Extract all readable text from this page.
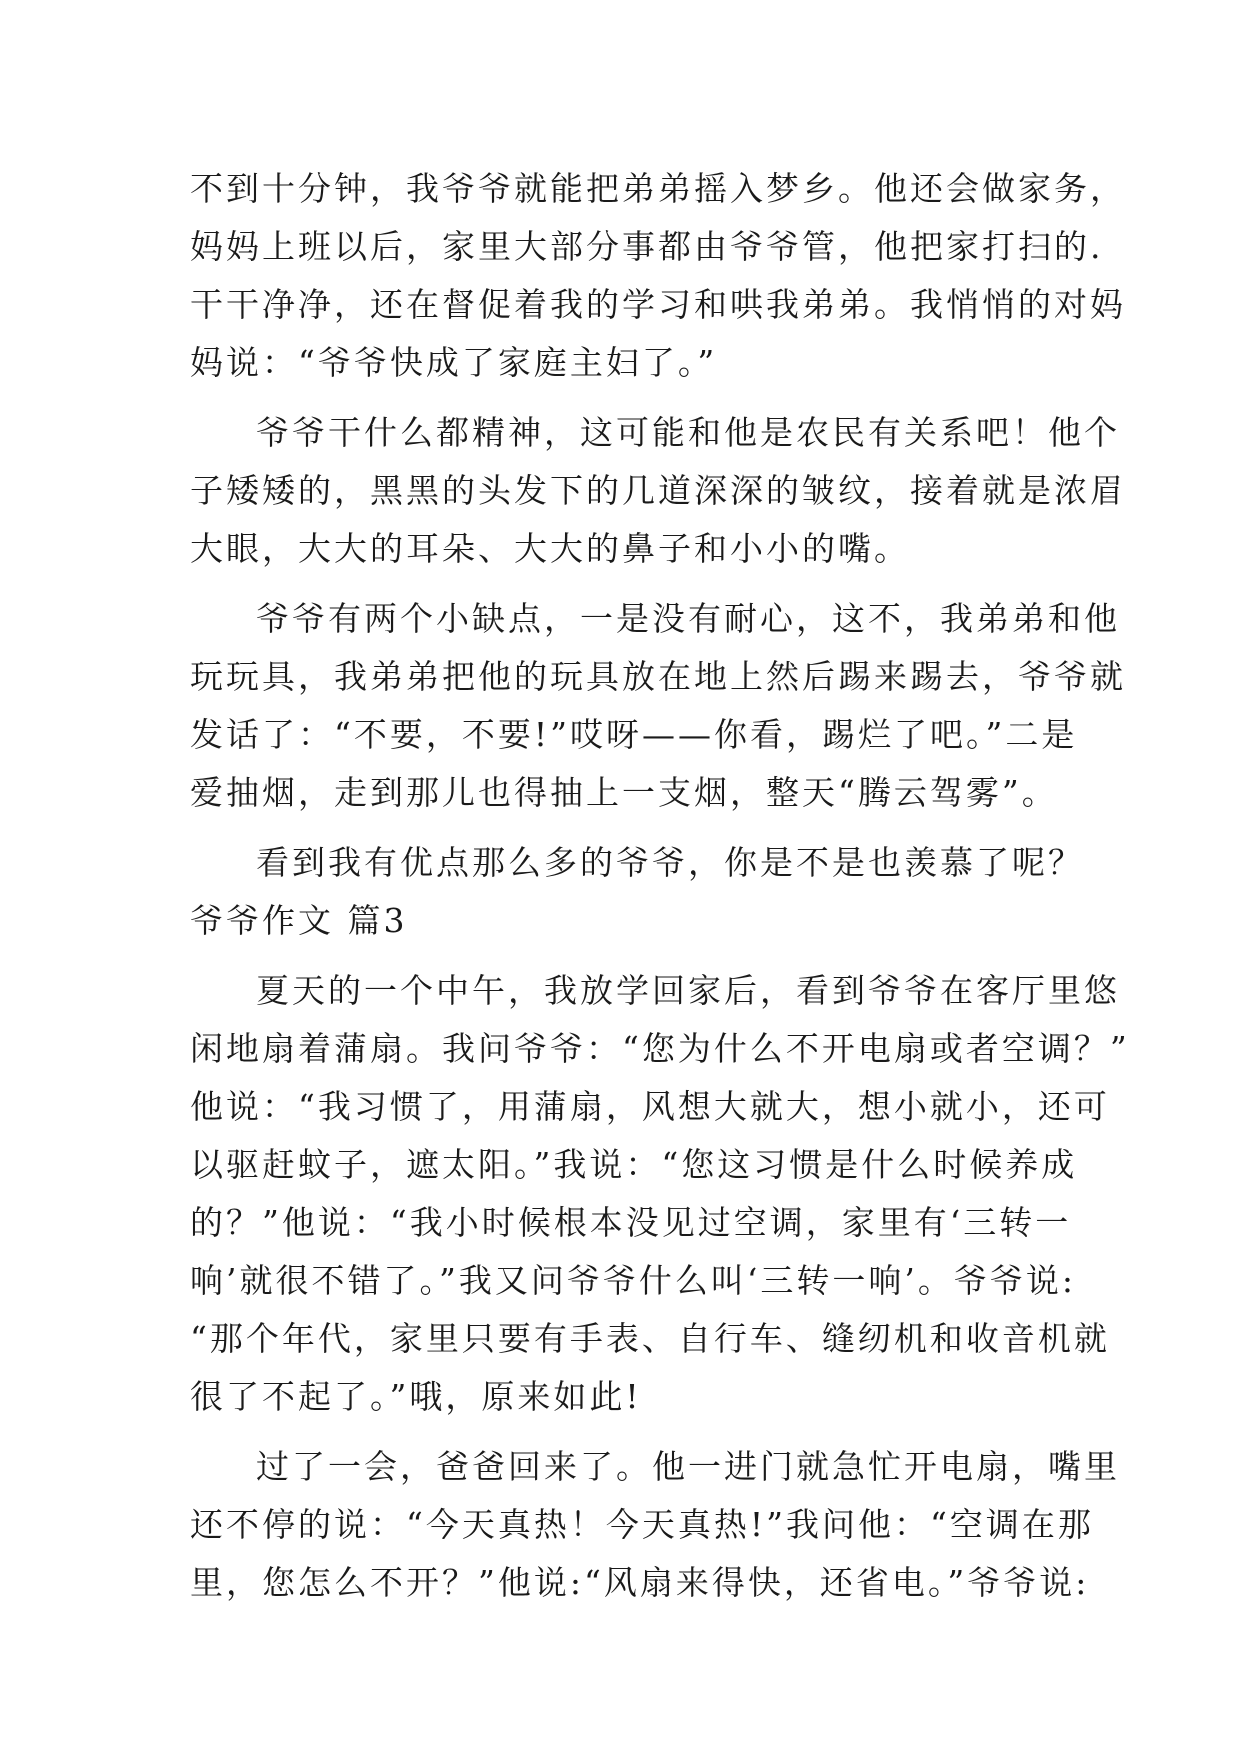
不到十分钟，我爷爷就能把弟弟摇入梦乡。他还会做家务，
妈妈上班以后，家里大部分事都由爷爷管，他把家打扫的.
干干净净，还在督促着我的学习和哄我弟弟。我悄悄的对妈
妈说：“爷爷快成了家庭主妇了。”
爷爷干什么都精神，这可能和他是农民有关系吧！他个
子矮矮的，黑黑的头发下的几道深深的皱纹，接着就是浓眉
大眼，大大的耳朵、大大的鼻子和小小的嘴。
爷爷有两个小缺点，一是没有耐心，这不，我弟弟和他
玩玩具，我弟弟把他的玩具放在地上然后踢来踢去，爷爷就
发话了：“不要，不要!”哎呀——你看，踢烂了吧。”二是
爱抽烟，走到那儿也得抽上一支烟，整天“腾云驾雾”。
看到我有优点那么多的爷爷，你是不是也羡慕了呢？
爷爷作文 篇3
夏天的一个中午，我放学回家后，看到爷爷在客厅里悠
闲地扇着蒲扇。我问爷爷：“您为什么不开电扇或者空调？”
他说：“我习惯了，用蒲扇，风想大就大，想小就小，还可
以驱赶蚊子，遮太阳。”我说：“您这习惯是什么时候养成
的？”他说：“我小时候根本没见过空调，家里有‘三转一
响’就很不错了。”我又问爷爷什么叫‘三转一响’。爷爷说:
“那个年代，家里只要有手表、自行车、缝纫机和收音机就
很了不起了。”哦，原来如此!
过了一会，爸爸回来了。他一进门就急忙开电扇，嘴里
还不停的说：“今天真热！今天真热!”我问他：“空调在那
里，您怎么不开？”他说:“风扇来得快，还省电。”爷爷说:
